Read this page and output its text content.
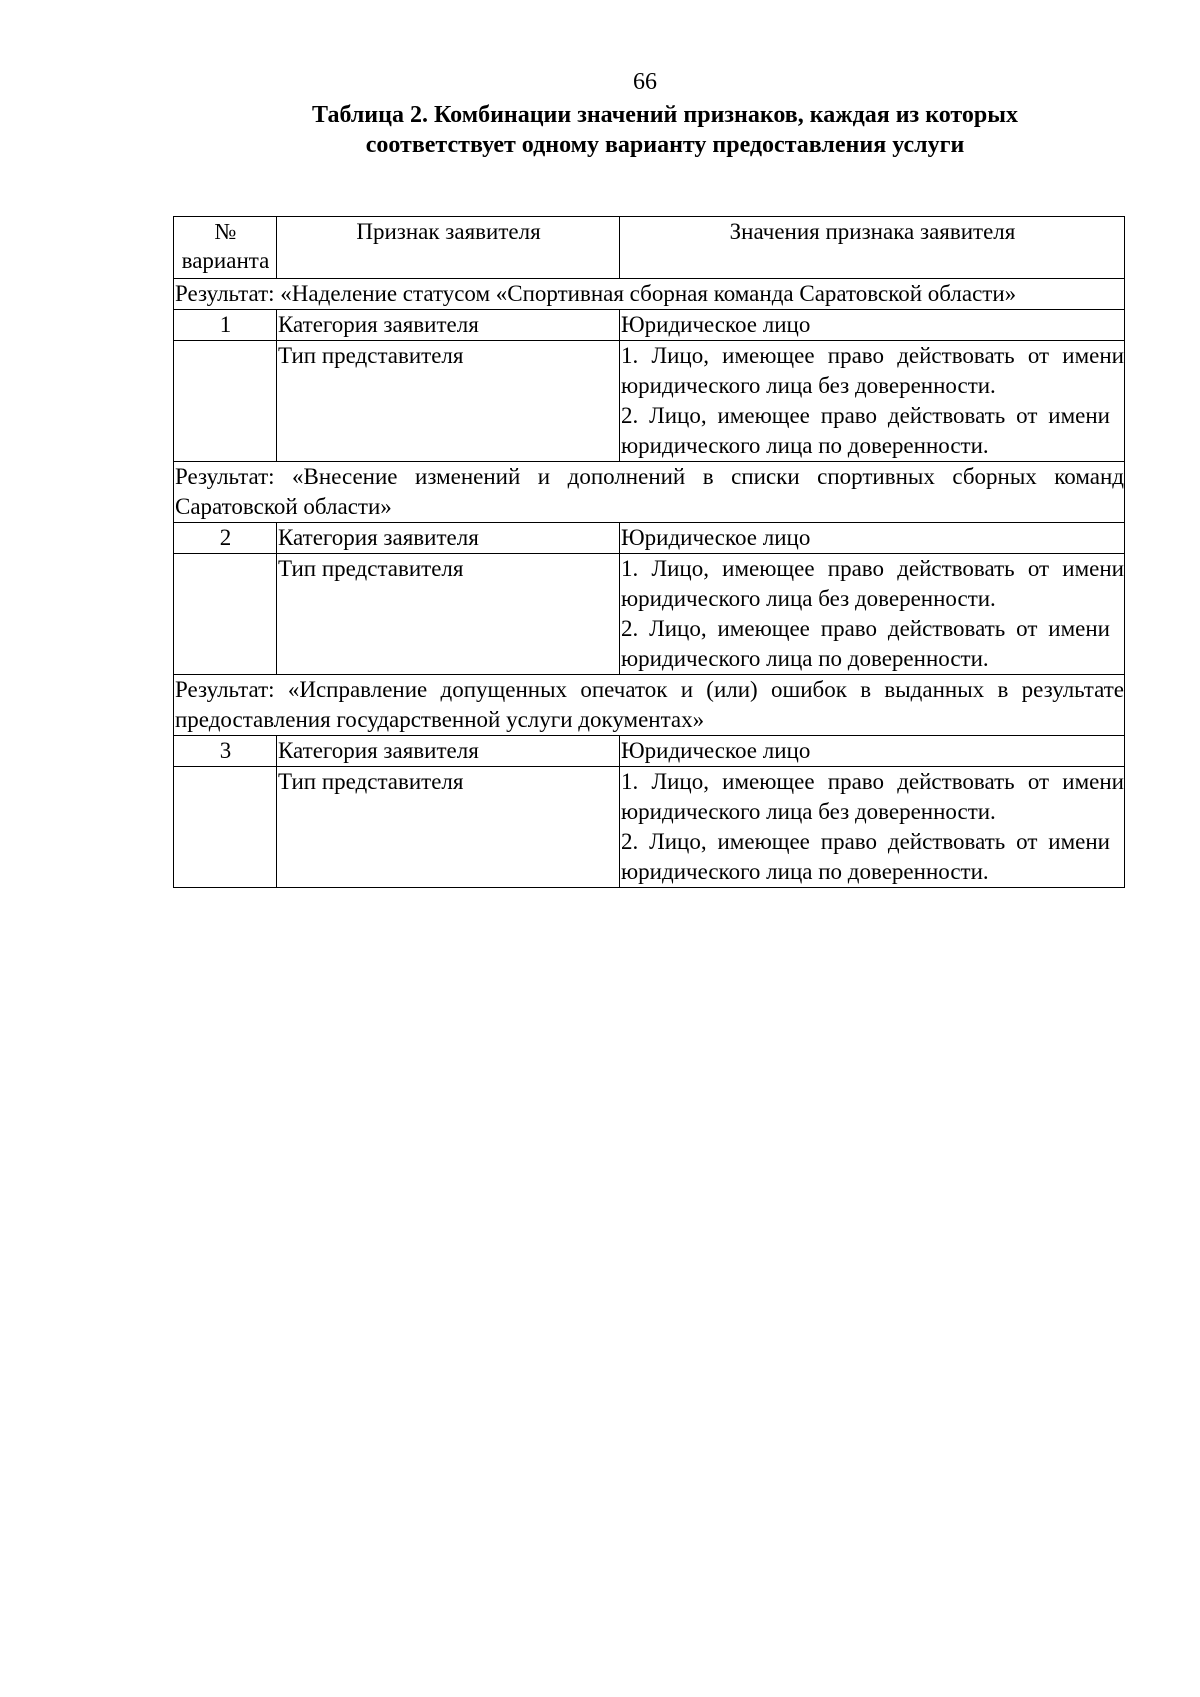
66
Таблица 2. Комбинации значений признаков, каждая из которых
соответствует одному варианту предоставления услуги
№
варианта	Признак заявителя	Значения признака заявителя
Результат: «Наделение статусом «Спортивная сборная команда Саратовской области»		
1	Категория заявителя	Юридическое лицо
	Тип представителя	1. Лицо, имеющее право действовать от имени юридического лица без доверенности.
2. Лицо, имеющее право действовать от имени юридического лица по доверенности.

Результат: «Внесение изменений и дополнений в списки спортивных сборных команд Саратовской области»		
2	Категория заявителя	Юридическое лицо
	Тип представителя	1. Лицо, имеющее право действовать от имени юридического лица без доверенности.
2. Лицо, имеющее право действовать от имени юридического лица по доверенности.

Результат: «Исправление допущенных опечаток и (или) ошибок в выданных в результате предоставления государственной услуги документах»		
3	Категория заявителя	Юридическое лицо
	Тип представителя	1. Лицо, имеющее право действовать от имени юридического лица без доверенности.
2. Лицо, имеющее право действовать от имени юридического лица по доверенности.
